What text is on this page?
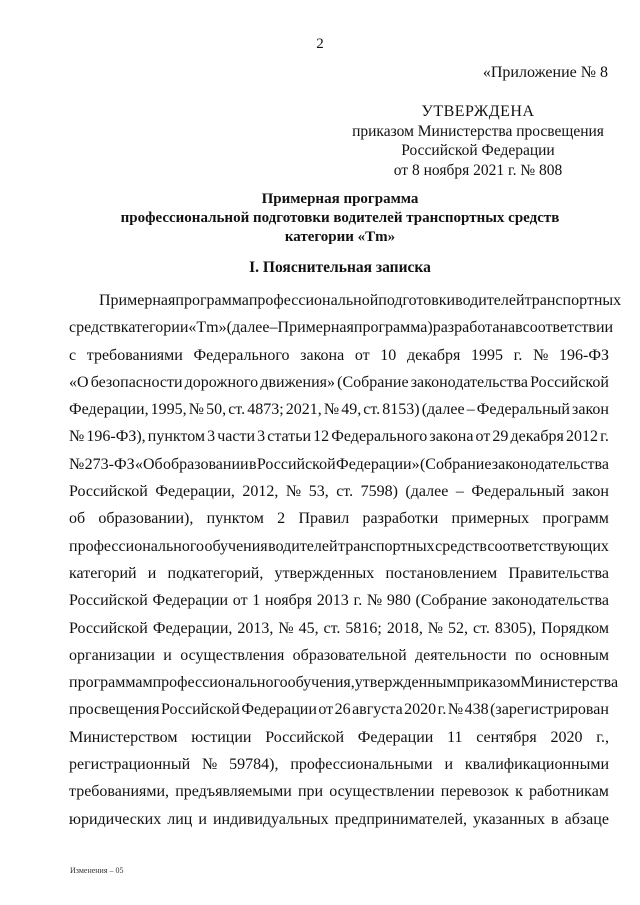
2
«Приложение № 8
УТВЕРЖДЕНА
приказом Министерства просвещения
Российской Федерации
от 8 ноября 2021 г. № 808
Примерная программа
профессиональной подготовки водителей транспортных средств
категории «Tm»
I. Пояснительная записка
Примерная программа профессиональной подготовки водителей транспортных
средств категории «Tm» (далее – Примерная программа) разработана в соответствии
с требованиями Федерального закона от 10 декабря 1995 г. № 196-ФЗ
«О безопасности дорожного движения» (Собрание законодательства Российской
Федерации, 1995, № 50, ст. 4873; 2021, № 49, ст. 8153) (далее – Федеральный закон
№ 196-ФЗ), пунктом 3 части 3 статьи 12 Федерального закона от 29 декабря 2012 г.
№ 273-ФЗ «Об образовании в Российской Федерации» (Собрание законодательства
Российской Федерации, 2012, № 53, ст. 7598) (далее – Федеральный закон
об образовании), пунктом 2 Правил разработки примерных программ
профессионального обучения водителей транспортных средств соответствующих
категорий и подкатегорий, утвержденных постановлением Правительства
Российской Федерации от 1 ноября 2013 г. № 980 (Собрание законодательства
Российской Федерации, 2013, № 45, ст. 5816; 2018, № 52, ст. 8305), Порядком
организации и осуществления образовательной деятельности по основным
программам профессионального обучения, утвержденным приказом Министерства
просвещения Российской Федерации от 26 августа 2020 г. № 438 (зарегистрирован
Министерством юстиции Российской Федерации 11 сентября 2020 г.,
регистрационный № 59784), профессиональными и квалификационными
требованиями, предъявляемыми при осуществлении перевозок к работникам
юридических лиц и индивидуальных предпринимателей, указанных в абзаце
Изменения – 05
